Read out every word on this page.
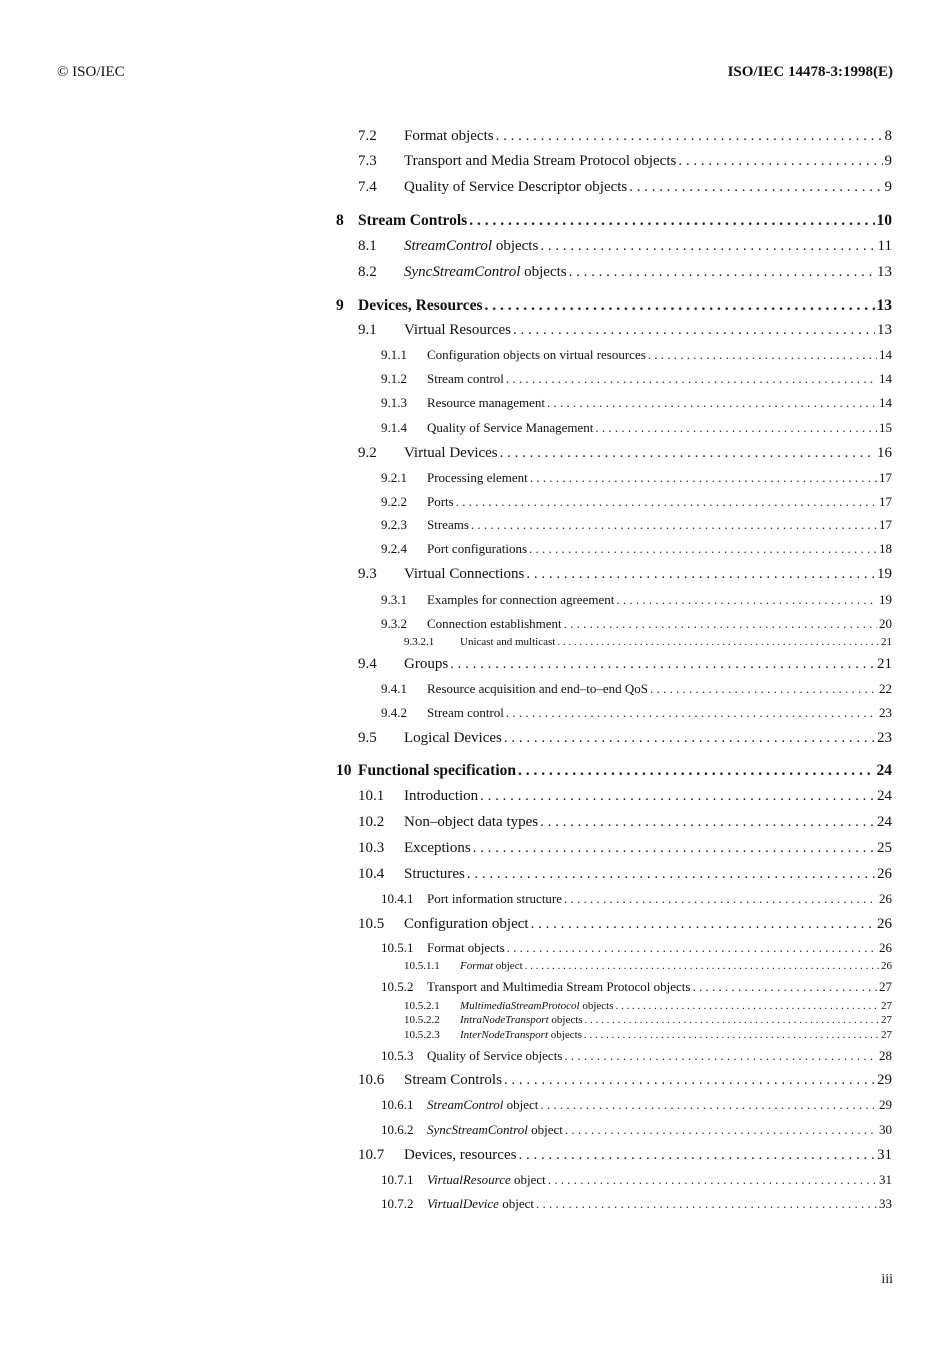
© ISO/IEC	ISO/IEC 14478-3:1998(E)
7.2	Format objects . . .	8
7.3	Transport and Media Stream Protocol objects . . .	9
7.4	Quality of Service Descriptor objects . . .	9
8 Stream Controls . . .	10
8.1	StreamControl objects . . .	11
8.2	SyncStreamControl objects . . .	13
9 Devices, Resources . . .	13
9.1	Virtual Resources . . .	13
9.1.1	Configuration objects on virtual resources . . .	14
9.1.2	Stream control . . .	14
9.1.3	Resource management . . .	14
9.1.4	Quality of Service Management . . .	15
9.2	Virtual Devices . . .	16
9.2.1	Processing element . . .	17
9.2.2	Ports . . .	17
9.2.3	Streams . . .	17
9.2.4	Port configurations . . .	18
9.3	Virtual Connections . . .	19
9.3.1	Examples for connection agreement . . .	19
9.3.2	Connection establishment . . .	20
9.3.2.1	Unicast and multicast . . .	21
9.4	Groups . . .	21
9.4.1	Resource acquisition and end–to–end QoS . . .	22
9.4.2	Stream control . . .	23
9.5	Logical Devices . . .	23
10 Functional specification . . .	24
10.1	Introduction . . .	24
10.2	Non–object data types . . .	24
10.3	Exceptions . . .	25
10.4	Structures . . .	26
10.4.1	Port information structure . . .	26
10.5	Configuration object . . .	26
10.5.1	Format objects . . .	26
10.5.1.1	Format object . . .	26
10.5.2	Transport and Multimedia Stream Protocol objects . . .	27
10.5.2.1	MultimediaStreamProtocol objects . . .	27
10.5.2.2	IntraNodeTransport objects . . .	27
10.5.2.3	InterNodeTransport objects . . .	27
10.5.3	Quality of Service objects . . .	28
10.6	Stream Controls . . .	29
10.6.1	StreamControl object . . .	29
10.6.2	SyncStreamControl object . . .	30
10.7	Devices, resources . . .	31
10.7.1	VirtualResource object . . .	31
10.7.2	VirtualDevice object . . .	33
iii
